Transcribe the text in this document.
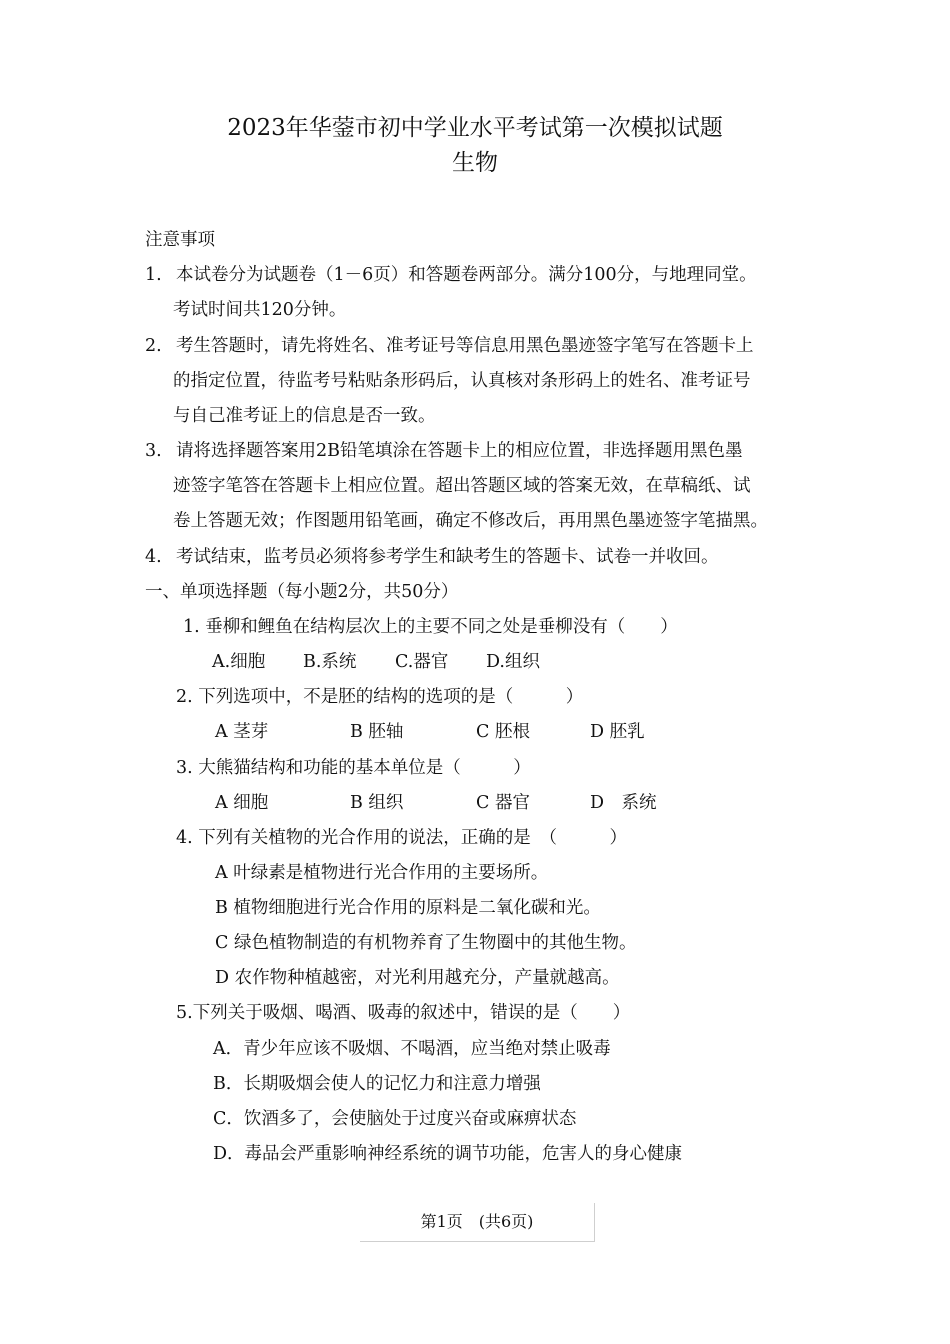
2023年华蓥市初中学业水平考试第一次模拟试题
生物
注意事项
1. 本试卷分为试题卷（1－6页）和答题卷两部分。满分100分，与地理同堂。
考试时间共120分钟。
2. 考生答题时，请先将姓名、准考证号等信息用黑色墨迹签字笔写在答题卡上
的指定位置，待监考号粘贴条形码后，认真核对条形码上的姓名、准考证号
与自己准考证上的信息是否一致。
3. 请将选择题答案用2B铅笔填涂在答题卡上的相应位置，非选择题用黑色墨
迹签字笔答在答题卡上相应位置。超出答题区域的答案无效，在草稿纸、试
卷上答题无效；作图题用铅笔画，确定不修改后，再用黑色墨迹签字笔描黑。
4. 考试结束，监考员必须将参考学生和缺考生的答题卡、试卷一并收回。
一、单项选择题（每小题2分，共50分）
1. 垂柳和鲤鱼在结构层次上的主要不同之处是垂柳没有（　　）
A.细胞 B.系统 C.器官 D.组织
2. 下列选项中，不是胚的结构的选项的是（　　　）
A 茎芽	B 胚轴	C 胚根	D 胚乳
3. 大熊猫结构和功能的基本单位是（　　　）
A 细胞	B 组织	C 器官	D　系统
4. 下列有关植物的光合作用的说法，正确的是　（　　　）
A 叶绿素是植物进行光合作用的主要场所。
B 植物细胞进行光合作用的原料是二氧化碳和光。
C 绿色植物制造的有机物养育了生物圈中的其他生物。
D 农作物种植越密，对光利用越充分，产量就越高。
5.下列关于吸烟、喝酒、吸毒的叙述中，错误的是（　　）
A．青少年应该不吸烟、不喝酒，应当绝对禁止吸毒
B．长期吸烟会使人的记忆力和注意力增强
C．饮酒多了，会使脑处于过度兴奋或麻痹状态
D．毒品会严重影响神经系统的调节功能，危害人的身心健康
第1页　(共6页)
